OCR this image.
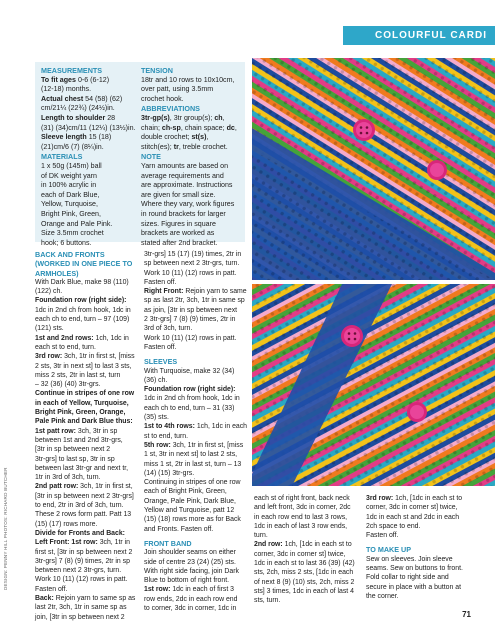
COLOURFUL CARDI

MEASUREMENTS

To fit ages 0-6 (6-12)

(12-18) months.

Actual chest 54 (58) (62)

cm/21¼ (22¾) (24½)in.

Length to shoulder 28

(31) (34)cm/11 (12¼) (13½)in.

Sleeve length 15 (18)

(21)cm/6 (7) (8¼)in.

MATERIALS

1 x 50g (145m) ball

of DK weight yarn

in 100% acrylic in

each of Dark Blue,

Yellow, Turquoise,

Bright Pink, Green,

Orange and Pale Pink.

Size 3.5mm crochet

hook; 6 buttons.

TENSION

18tr and 10 rows to 10x10cm,

over patt, using 3.5mm

crochet hook.

ABBREVIATIONS

3tr-gp(s), 3tr group(s); ch,

chain; ch-sp, chain space; dc,

double crochet; st(s),

stitch(es); tr, treble crochet.

NOTE

Yarn amounts are based on

average requirements and

are approximate. Instructions

are given for small size.

Where they vary, work figures

in round brackets for larger

sizes. Figures in square

brackets are worked as

stated after 2nd bracket.

BACK AND FRONTS

(WORKED IN ONE PIECE TO

ARMHOLES)

With Dark Blue, make 98 (110)

(122) ch.

Foundation row (right side):

1dc in 2nd ch from hook, 1dc in

each ch to end, turn – 97 (109)

(121) sts.

1st and 2nd rows: 1ch, 1dc in

each st to end, turn.

3rd row: 3ch, 1tr in first st, [miss

2 sts, 3tr in next st] to last 3 sts,

miss 2 sts, 2tr in last st, turn

– 32 (36) (40) 3tr-grs.

Continue in stripes of one row

in each of Yellow, Turquoise,

Bright Pink, Green, Orange,

Pale Pink and Dark Blue thus:

1st patt row: 3ch, 3tr in sp

between 1st and 2nd 3tr-grs,

[3tr in sp between next 2

3tr-grs] to last sp, 3tr in sp

between last 3tr-gr and next tr,

1tr in 3rd of 3ch, turn.

2nd patt row: 3ch, 1tr in first st,

[3tr in sp between next 2 3tr-grs]

to end, 2tr in 3rd of 3ch, turn.

These 2 rows form patt. Patt 13

(15) (17) rows more.

Divide for Fronts and Back:

Left Front: 1st row: 3ch, 1tr in

first st, [3tr in sp between next 2

3tr-grs] 7 (8) (9) times, 2tr in sp

between next 2 3tr-grs, turn.

Work 10 (11) (12) rows in patt.

Fasten off.

Back: Rejoin yarn to same sp as

last 2tr, 3ch, 1tr in same sp as

join, [3tr in sp between next 2

3tr-grs] 15 (17) (19) times, 2tr in

sp between next 2 3tr-grs, turn.

Work 10 (11) (12) rows in patt.

Fasten off.

Right Front: Rejoin yarn to same

sp as last 2tr, 3ch, 1tr in same sp

as join, [3tr in sp between next

2 3tr-grs] 7 (8) (9) times, 2tr in

3rd of 3ch, turn.

Work 10 (11) (12) rows in patt.

Fasten off.

SLEEVES

With Turquoise, make 32 (34)

(36) ch.

Foundation row (right side):

1dc in 2nd ch from hook, 1dc in

each ch to end, turn – 31 (33)

(35) sts.

1st to 4th rows: 1ch, 1dc in each

st to end, turn.

5th row: 3ch, 1tr in first st, [miss

1 st, 3tr in next st] to last 2 sts,

miss 1 st, 2tr in last st, turn – 13

(14) (15) 3tr-grs.

Continuing in stripes of one row

each of Bright Pink, Green,

Orange, Pale Pink, Dark Blue,

Yellow and Turquoise, patt 12

(15) (18) rows more as for Back

and Fronts. Fasten off.

FRONT BAND

Join shoulder seams on either

side of centre 23 (24) (25) sts.

With right side facing, join Dark

Blue to bottom of right front.

1st row: 1dc in each of first 3

row ends, 2dc in each row end

to corner, 3dc in corner, 1dc in

each st of right front, back neck

and left front, 3dc in corner, 2dc

in each row end to last 3 rows,

1dc in each of last 3 row ends,

turn.

2nd row: 1ch, [1dc in each st to

corner, 3dc in corner st] twice,

1dc in each st to last 36 (39) (42)

sts, 2ch, miss 2 sts, [1dc in each

of next 8 (9) (10) sts, 2ch, miss 2

sts] 3 times, 1dc in each of last 4

sts, turn.

3rd row: 1ch, [1dc in each st to

corner, 3dc in corner st] twice,

1dc in each st and 2dc in each

2ch space to end.

Fasten off.

TO MAKE UP

Sew on sleeves. Join sleeve

seams. Sew on buttons to front.

Fold collar to right side and

secure in place with a button at

the corner.

DESIGN: PENNY HILL PHOTOS: RICHARD BUTCHER
71
